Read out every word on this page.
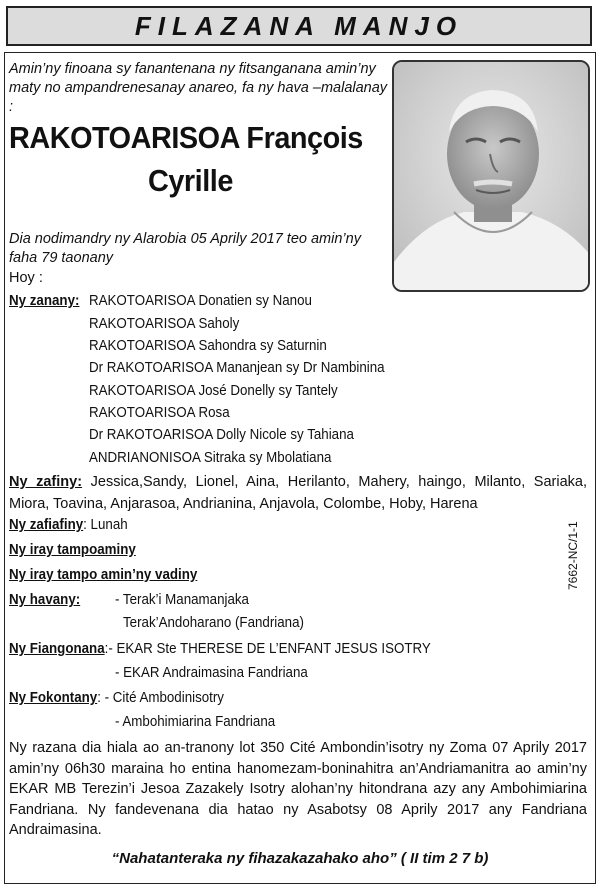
FILAZANA MANJO
Amin’ny finoana sy fanantenana ny fitsanganana amin’ny maty no ampandrenesanay anareo, fa ny hava –malalanay :
RAKOTOARISOA François
Cyrille
Dia nodimandry ny Alarobia 05 Aprily 2017 teo amin’ny faha 79 taonany
Hoy :
Ny zanany: RAKOTOARISOA Donatien sy Nanou
RAKOTOARISOA Saholy
RAKOTOARISOA Sahondra sy Saturnin
Dr RAKOTOARISOA Mananjean sy Dr Nambinina
RAKOTOARISOA José Donelly sy Tantely
RAKOTOARISOA Rosa
Dr RAKOTOARISOA Dolly Nicole sy Tahiana
ANDRIANONISOA Sitraka sy Mbolatiana
Ny zafiny: Jessica,Sandy, Lionel, Aina, Herilanto, Mahery, haingo, Milanto, Sariaka, Miora, Toavina, Anjarasoa, Andrianina, Anjavola, Colombe, Hoby, Harena
Ny zafiafiny: Lunah
Ny iray tampoaminy
Ny iray tampo amin’ny vadiny
Ny havany: - Terak’i Manamanjaka
Terak’Andoharano (Fandriana)
Ny Fiangonana:- EKAR Ste THERESE DE L’ENFANT JESUS ISOTRY
- EKAR Andraimasina Fandriana
Ny Fokontany: - Cité Ambodinisotry
- Ambohimiarina Fandriana
7662-NC/1-1
Ny razana dia hiala ao an-tranony lot 350 Cité Ambondin’isotry ny Zoma 07 Aprily 2017 amin’ny 06h30 maraina ho entina hanomezam-boninahitra an’Andriamanitra ao amin’ny EKAR MB Terezin’i Jesoa Zazakely Isotry alohan’ny hitondrana azy any Ambohimiarina Fandriana. Ny fandevenana dia hatao ny Asabotsy 08 Aprily 2017 any Fandriana Andraimasina.
“Nahatanteraka ny fihazakazahako aho” ( II tim 2 7 b)
